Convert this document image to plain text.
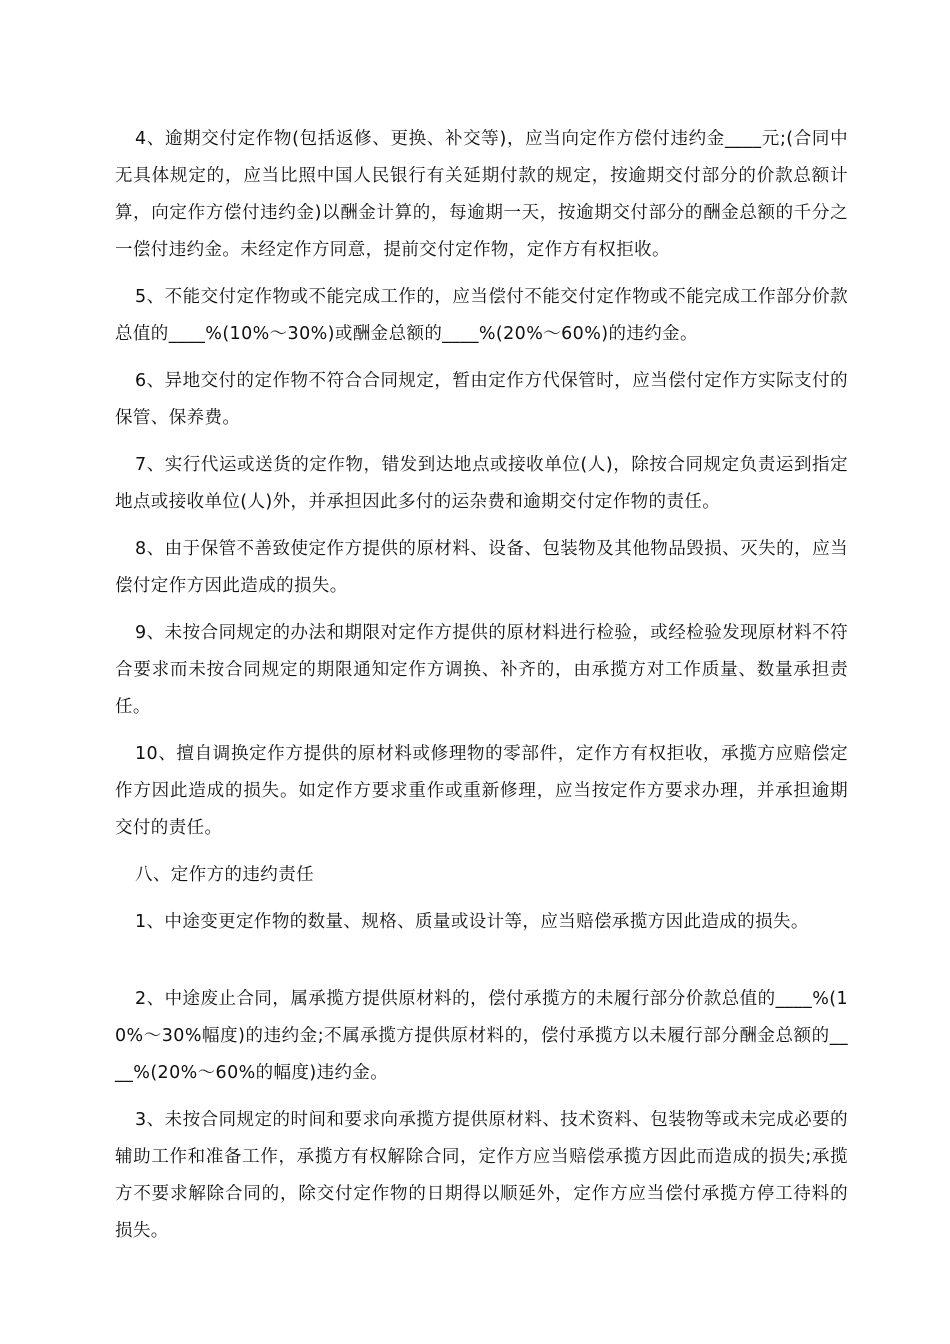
4、逾期交付定作物(包括返修、更换、补交等)，应当向定作方偿付违约金____元;(合同中无具体规定的，应当比照中国人民银行有关延期付款的规定，按逾期交付部分的价款总额计算，向定作方偿付违约金)以酬金计算的，每逾期一天，按逾期交付部分的酬金总额的千分之一偿付违约金。未经定作方同意，提前交付定作物，定作方有权拒收。

5、不能交付定作物或不能完成工作的，应当偿付不能交付定作物或不能完成工作部分价款总值的____%(10%～30%)或酬金总额的____%(20%～60%)的违约金。

6、异地交付的定作物不符合合同规定，暂由定作方代保管时，应当偿付定作方实际支付的保管、保养费。

7、实行代运或送货的定作物，错发到达地点或接收单位(人)，除按合同规定负责运到指定地点或接收单位(人)外，并承担因此多付的运杂费和逾期交付定作物的责任。

8、由于保管不善致使定作方提供的原材料、设备、包装物及其他物品毁损、灭失的，应当偿付定作方因此造成的损失。

9、未按合同规定的办法和期限对定作方提供的原材料进行检验，或经检验发现原材料不符合要求而未按合同规定的期限通知定作方调换、补齐的，由承揽方对工作质量、数量承担责任。

10、擅自调换定作方提供的原材料或修理物的零部件，定作方有权拒收，承揽方应赔偿定作方因此造成的损失。如定作方要求重作或重新修理，应当按定作方要求办理，并承担逾期交付的责任。

八、定作方的违约责任

1、中途变更定作物的数量、规格、质量或设计等，应当赔偿承揽方因此造成的损失。

2、中途废止合同，属承揽方提供原材料的，偿付承揽方的未履行部分价款总值的____%(10%～30%幅度)的违约金;不属承揽方提供原材料的，偿付承揽方以未履行部分酬金总额的____%(20%～60%的幅度)违约金。

3、未按合同规定的时间和要求向承揽方提供原材料、技术资料、包装物等或未完成必要的辅助工作和准备工作，承揽方有权解除合同，定作方应当赔偿承揽方因此而造成的损失;承揽方不要求解除合同的，除交付定作物的日期得以顺延外，定作方应当偿付承揽方停工待料的损失。
